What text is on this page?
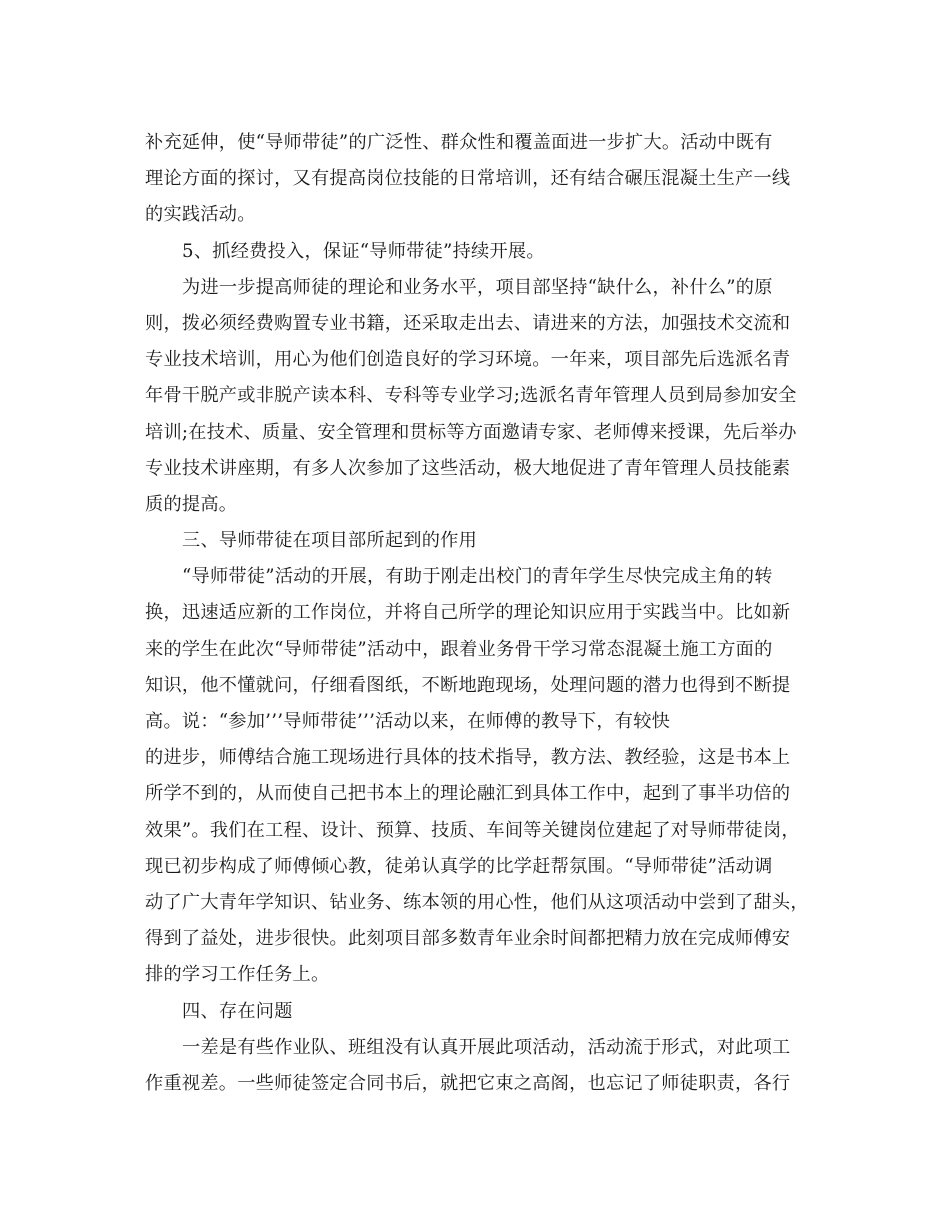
补充延伸，使“导师带徒”的广泛性、群众性和覆盖面进一步扩大。活动中既有
理论方面的探讨，又有提高岗位技能的日常培训，还有结合碾压混凝土生产一线
的实践活动。
5、抓经费投入，保证“导师带徒”持续开展。
为进一步提高师徒的理论和业务水平，项目部坚持“缺什么，补什么”的原
则，拨必须经费购置专业书籍，还采取走出去、请进来的方法，加强技术交流和
专业技术培训，用心为他们创造良好的学习环境。一年来，项目部先后选派名青
年骨干脱产或非脱产读本科、专科等专业学习;选派名青年管理人员到局参加安全
培训;在技术、质量、安全管理和贯标等方面邀请专家、老师傅来授课，先后举办
专业技术讲座期，有多人次参加了这些活动，极大地促进了青年管理人员技能素
质的提高。
三、导师带徒在项目部所起到的作用
“导师带徒”活动的开展，有助于刚走出校门的青年学生尽快完成主角的转
换，迅速适应新的工作岗位，并将自己所学的理论知识应用于实践当中。比如新
来的学生在此次“导师带徒”活动中，跟着业务骨干学习常态混凝土施工方面的
知识，他不懂就问，仔细看图纸，不断地跑现场，处理问题的潜力也得到不断提
高。说：“参加’’’导师带徒’’’活动以来，在师傅的教导下，有较快
的进步，师傅结合施工现场进行具体的技术指导，教方法、教经验，这是书本上
所学不到的，从而使自己把书本上的理论融汇到具体工作中，起到了事半功倍的
效果”。我们在工程、设计、预算、技质、车间等关键岗位建起了对导师带徒岗，
现已初步构成了师傅倾心教，徒弟认真学的比学赶帮氛围。“导师带徒”活动调
动了广大青年学知识、钻业务、练本领的用心性，他们从这项活动中尝到了甜头，
得到了益处，进步很快。此刻项目部多数青年业余时间都把精力放在完成师傅安
排的学习工作任务上。
四、存在问题
一差是有些作业队、班组没有认真开展此项活动，活动流于形式，对此项工
作重视差。一些师徒签定合同书后，就把它束之高阁，也忘记了师徒职责，各行
